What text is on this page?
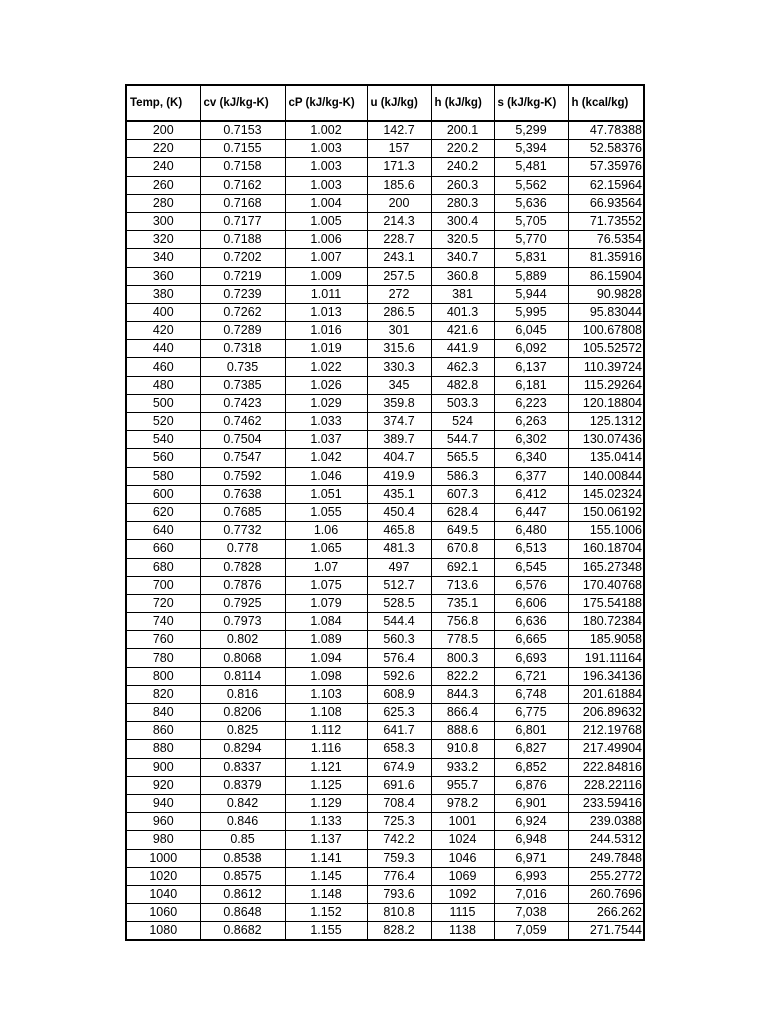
Temp, (K)	cv (kJ/kg-K)	cP (kJ/kg-K)	u (kJ/kg)	h (kJ/kg)	s (kJ/kg-K)	h (kcal/kg)
200	0.7153	1.002	142.7	200.1	5,299	47.78388
220	0.7155	1.003	157	220.2	5,394	52.58376
240	0.7158	1.003	171.3	240.2	5,481	57.35976
260	0.7162	1.003	185.6	260.3	5,562	62.15964
280	0.7168	1.004	200	280.3	5,636	66.93564
300	0.7177	1.005	214.3	300.4	5,705	71.73552
320	0.7188	1.006	228.7	320.5	5,770	76.5354
340	0.7202	1.007	243.1	340.7	5,831	81.35916
360	0.7219	1.009	257.5	360.8	5,889	86.15904
380	0.7239	1.011	272	381	5,944	90.9828
400	0.7262	1.013	286.5	401.3	5,995	95.83044
420	0.7289	1.016	301	421.6	6,045	100.67808
440	0.7318	1.019	315.6	441.9	6,092	105.52572
460	0.735	1.022	330.3	462.3	6,137	110.39724
480	0.7385	1.026	345	482.8	6,181	115.29264
500	0.7423	1.029	359.8	503.3	6,223	120.18804
520	0.7462	1.033	374.7	524	6,263	125.1312
540	0.7504	1.037	389.7	544.7	6,302	130.07436
560	0.7547	1.042	404.7	565.5	6,340	135.0414
580	0.7592	1.046	419.9	586.3	6,377	140.00844
600	0.7638	1.051	435.1	607.3	6,412	145.02324
620	0.7685	1.055	450.4	628.4	6,447	150.06192
640	0.7732	1.06	465.8	649.5	6,480	155.1006
660	0.778	1.065	481.3	670.8	6,513	160.18704
680	0.7828	1.07	497	692.1	6,545	165.27348
700	0.7876	1.075	512.7	713.6	6,576	170.40768
720	0.7925	1.079	528.5	735.1	6,606	175.54188
740	0.7973	1.084	544.4	756.8	6,636	180.72384
760	0.802	1.089	560.3	778.5	6,665	185.9058
780	0.8068	1.094	576.4	800.3	6,693	191.11164
800	0.8114	1.098	592.6	822.2	6,721	196.34136
820	0.816	1.103	608.9	844.3	6,748	201.61884
840	0.8206	1.108	625.3	866.4	6,775	206.89632
860	0.825	1.112	641.7	888.6	6,801	212.19768
880	0.8294	1.116	658.3	910.8	6,827	217.49904
900	0.8337	1.121	674.9	933.2	6,852	222.84816
920	0.8379	1.125	691.6	955.7	6,876	228.22116
940	0.842	1.129	708.4	978.2	6,901	233.59416
960	0.846	1.133	725.3	1001	6,924	239.0388
980	0.85	1.137	742.2	1024	6,948	244.5312
1000	0.8538	1.141	759.3	1046	6,971	249.7848
1020	0.8575	1.145	776.4	1069	6,993	255.2772
1040	0.8612	1.148	793.6	1092	7,016	260.7696
1060	0.8648	1.152	810.8	1115	7,038	266.262
1080	0.8682	1.155	828.2	1138	7,059	271.7544
